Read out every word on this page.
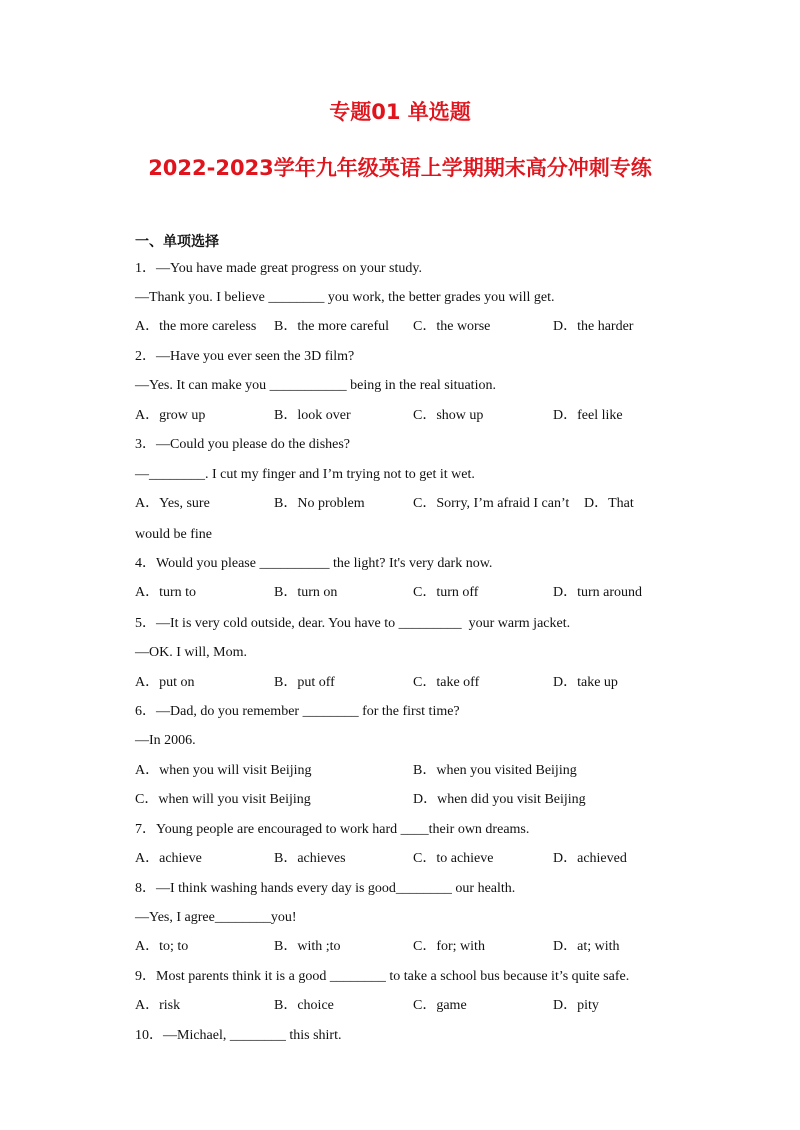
专题01 单选题
2022-2023学年九年级英语上学期期末高分冲刺专练
一、单项选择
1．—You have made great progress on your study.
—Thank you. I believe ________ you work, the better grades you will get.
A．the more careless B．the more careful C．the worse	D．the harder
2．—Have you ever seen the 3D film?
—Yes. It can make you ___________ being in the real situation.
A．grow up	B．look over	C．show up	D．feel like
3．—Could you please do the dishes?
—________. I cut my finger and I’m trying not to get it wet.
A．Yes, sure	B．No problem	C．Sorry, I’m afraid I can’t D．That
would be fine
4．Would you please __________ the light? It's very dark now.
A．turn to	B．turn on	C．turn off	D．turn around
5．—It is very cold outside, dear. You have to _________  your warm jacket.
—OK. I will, Mom.
A．put on	B．put off	C．take off	D．take up
6．—Dad, do you remember ________ for the first time?
—In 2006.
A．when you will visit Beijing	B．when you visited Beijing
C．when will you visit Beijing	D．when did you visit Beijing
7．Young people are encouraged to work hard ____their own dreams.
A．achieve	B．achieves	C．to achieve	D．achieved
8．—I think washing hands every day is good________ our health.
—Yes, I agree________you!
A．to; to	B．with ;to	C．for; with	D．at; with
9．Most parents think it is a good ________ to take a school bus because it’s quite safe.
A．risk	B．choice	C．game	D．pity
10．—Michael, ________ this shirt.
